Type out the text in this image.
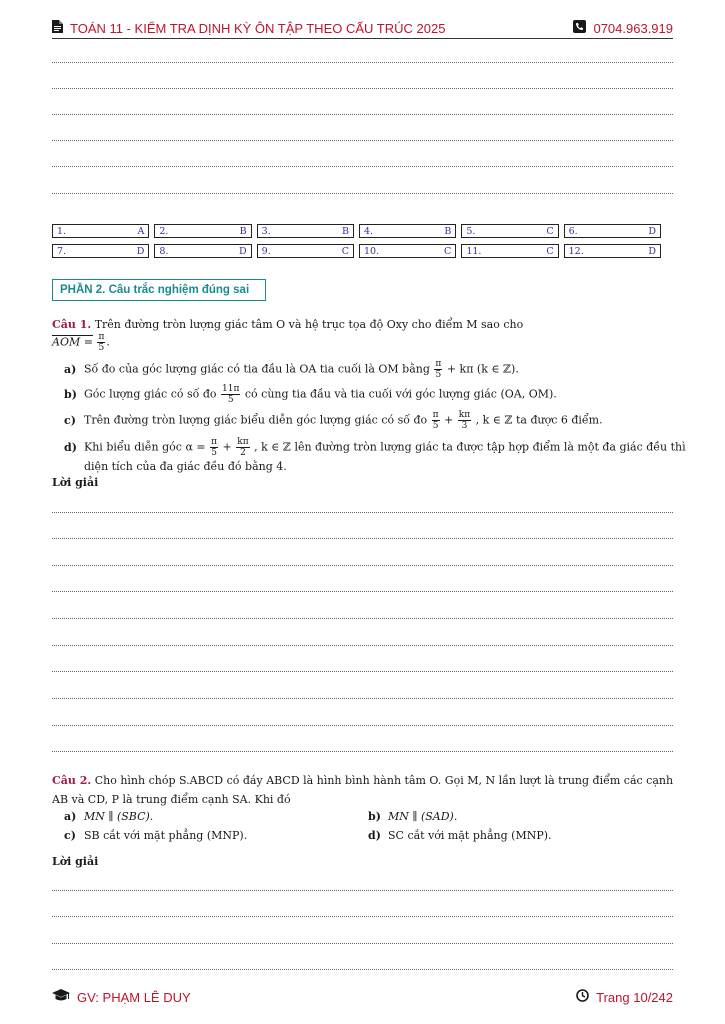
TOÁN 11 - KIỂM TRA DỊNH KỲ ÔN TẬP THEO CẤU TRÚC 2025	0704.963.919
1.	A 2.	B 3.	B 4.	B 5.	C 6.	D
7.	D 8.	D 9.	C 10.	C 11.	C 12.	D
PHẦN 2. Câu trắc nghiệm đúng sai
Câu 1. Trên đường tròn lượng giác tâm O và hệ trục tọa độ Oxy cho điểm M sao cho
AOM = $\frac{\pi}{5}$ .
a) Số đo của góc lượng giác có tia đầu là OA tia cuối là OM bằng $\frac{\pi}{5} + k\pi$ (k ∈ ℤ).
b) Góc lượng giác có số đo $\frac{11\pi}{5}$ có cùng tia đầu và tia cuối với góc lượng giác (OA, OM).
c) Trên đường tròn lượng giác biểu diễn góc lượng giác có số đo $\frac{\pi}{5} + \frac{k\pi}{3}$ , k ∈ ℤ ta được 6 điểm.
d) Khi biểu diễn góc $\alpha = \frac{\pi}{5} + \frac{k\pi}{2}$ , k ∈ ℤ lên đường tròn lượng giác ta được tập hợp điểm là một đa giác đều thì
diện tích của đa giác đều đó bằng 4.
Lời giải
Câu 2. Cho hình chóp S.ABCD có đáy ABCD là hình bình hành tâm O. Gọi M, N lần lượt là trung điểm các cạnh
AB và CD, P là trung điểm cạnh SA. Khi đó
a) MN ∥ (SBC).	b) MN ∥ (SAD).
c) SB cắt với mặt phẳng (MNP).	d) SC cắt với mặt phẳng (MNP).
Lời giải
GV: PHẠM LÊ DUY	Trang 10/242
